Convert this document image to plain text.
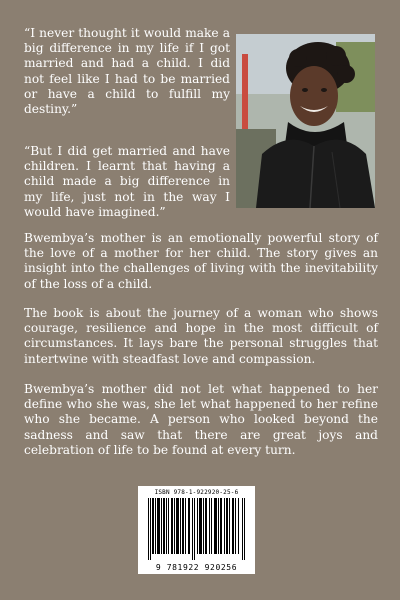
“I never thought it would make a big difference in my life if I got married and had a child. I did not feel like I had to be married or have a child to fulfill my destiny.”
“But I did get married and have children. I learnt that having a child made a big difference in my life, just not in the way I would have imagined.”
Bwembya’s mother is an emotionally powerful story of the love of a mother for her child. The story gives an insight into the challenges of living with the inevitability of the loss of a child.
The book is about the journey of a woman who shows courage, resilience and hope in the most difficult of circumstances. It lays bare the personal struggles that intertwine with steadfast love and compassion.
Bwembya’s mother did not let what happened to her define who she was, she let what happened to her refine who she became. A person who looked beyond the sadness and saw that there are great joys and celebration of life to be found at every turn.
ISBN 978-1-922920-25-6
9 781922 920256
